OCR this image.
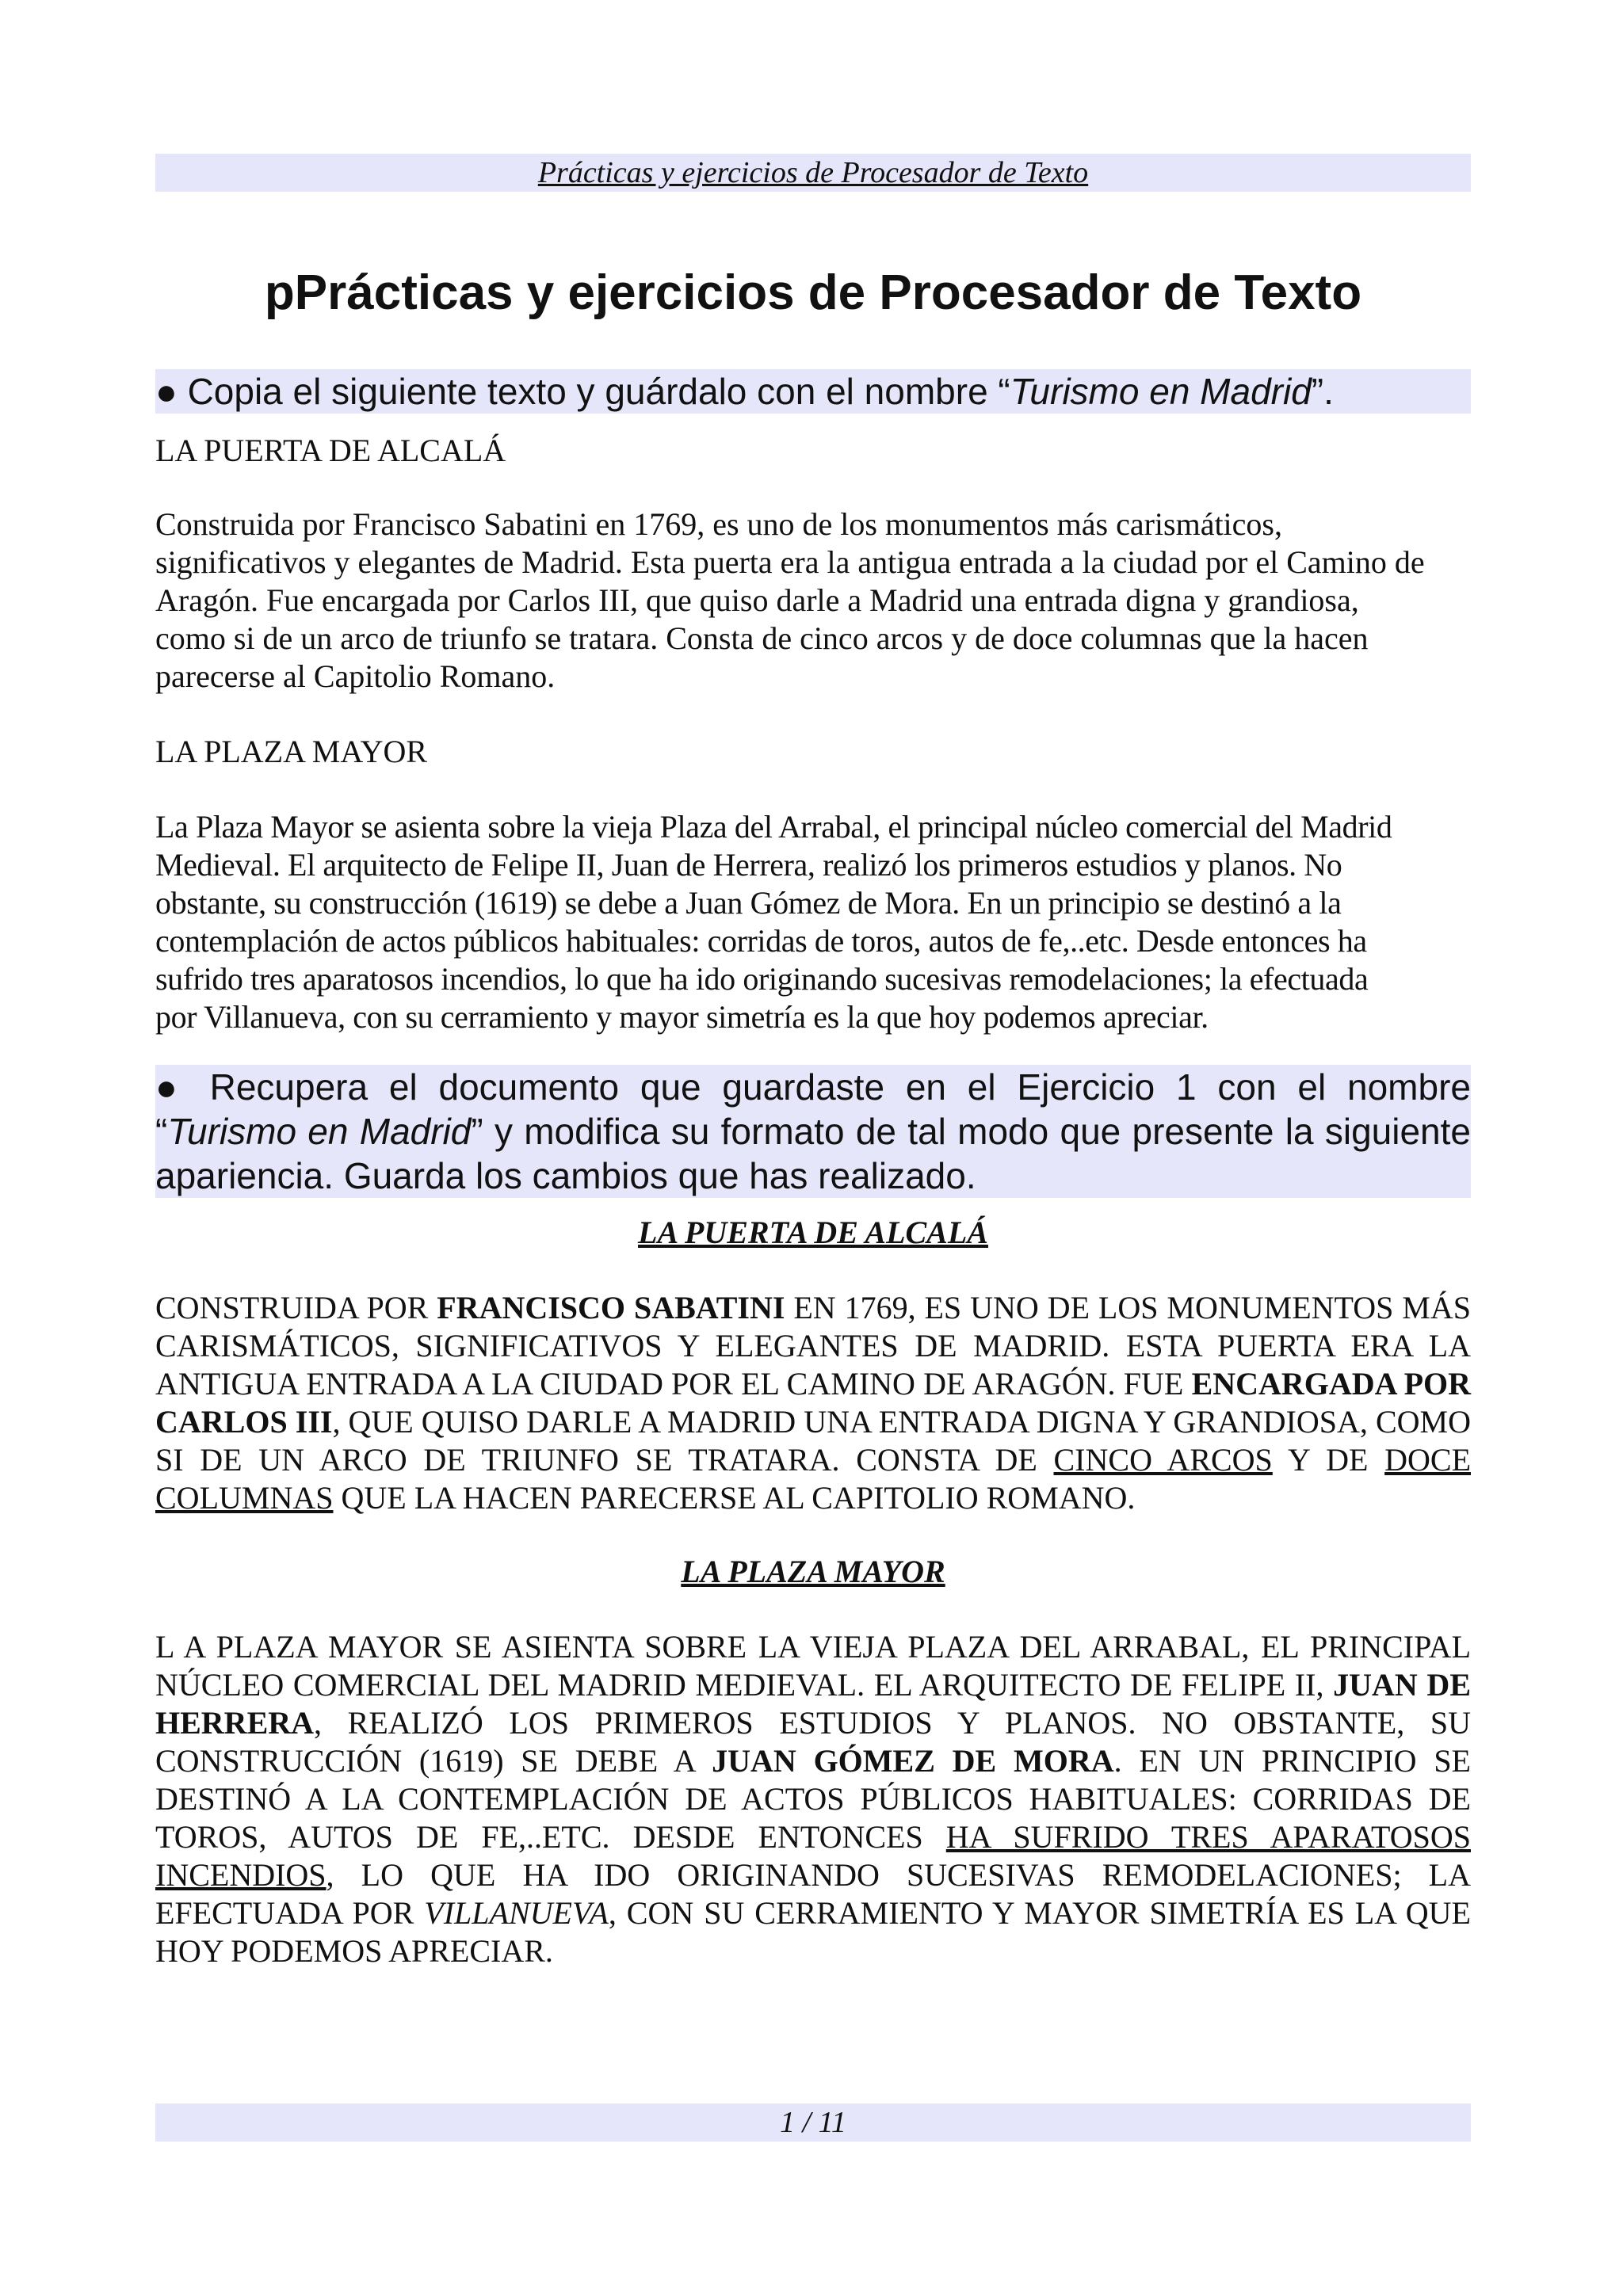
Prácticas y ejercicios de Procesador de Texto
pPrácticas y ejercicios de Procesador de Texto
● Copia el siguiente texto y guárdalo con el nombre “Turismo en Madrid”.
LA PUERTA DE ALCALÁ
Construida por Francisco Sabatini en 1769, es uno de los monumentos más carismáticos,
significativos y elegantes de Madrid. Esta puerta era la antigua entrada a la ciudad por el Camino de
Aragón. Fue encargada por Carlos III, que quiso darle a Madrid una entrada digna y grandiosa,
como si de un arco de triunfo se tratara. Consta de cinco arcos y de doce columnas que la hacen
parecerse al Capitolio Romano.
LA PLAZA MAYOR
La Plaza Mayor se asienta sobre la vieja Plaza del Arrabal, el principal núcleo comercial del Madrid
Medieval. El arquitecto de Felipe II, Juan de Herrera, realizó los primeros estudios y planos. No
obstante, su construcción (1619) se debe a Juan Gómez de Mora. En un principio se destinó a la
contemplación de actos públicos habituales: corridas de toros, autos de fe,..etc. Desde entonces ha
sufrido tres aparatosos incendios, lo que ha ido originando sucesivas remodelaciones; la efectuada
por Villanueva, con su cerramiento y mayor simetría es la que hoy podemos apreciar.
● Recupera el documento que guardaste en el Ejercicio 1 con el nombre “Turismo en Madrid” y modifica su formato de tal modo que presente la siguiente apariencia. Guarda los cambios que has realizado.
LA PUERTA DE ALCALÁ
CONSTRUIDA POR FRANCISCO SABATINI EN 1769, ES UNO DE LOS MONUMENTOS MÁS CARISMÁTICOS, SIGNIFICATIVOS Y ELEGANTES DE MADRID. ESTA PUERTA ERA LA ANTIGUA ENTRADA A LA CIUDAD POR EL CAMINO DE ARAGÓN. FUE ENCARGADA POR CARLOS III, QUE QUISO DARLE A MADRID UNA ENTRADA DIGNA Y GRANDIOSA, COMO SI DE UN ARCO DE TRIUNFO SE TRATARA. CONSTA DE CINCO ARCOS Y DE DOCE COLUMNAS QUE LA HACEN PARECERSE AL CAPITOLIO ROMANO.
LA PLAZA MAYOR
L A PLAZA MAYOR SE ASIENTA SOBRE LA VIEJA PLAZA DEL ARRABAL, EL PRINCIPAL NÚCLEO COMERCIAL DEL MADRID MEDIEVAL. EL ARQUITECTO DE FELIPE II, JUAN DE HERRERA, REALIZÓ LOS PRIMEROS ESTUDIOS Y PLANOS. NO OBSTANTE, SU CONSTRUCCIÓN (1619) SE DEBE A JUAN GÓMEZ DE MORA. EN UN PRINCIPIO SE DESTINÓ A LA CONTEMPLACIÓN DE ACTOS PÚBLICOS HABITUALES: CORRIDAS DE TOROS, AUTOS DE FE,..ETC. DESDE ENTONCES HA SUFRIDO TRES APARATOSOS INCENDIOS, LO QUE HA IDO ORIGINANDO SUCESIVAS REMODELACIONES; LA EFECTUADA POR VILLANUEVA, CON SU CERRAMIENTO Y MAYOR SIMETRÍA ES LA QUE HOY PODEMOS APRECIAR.
1 / 11
